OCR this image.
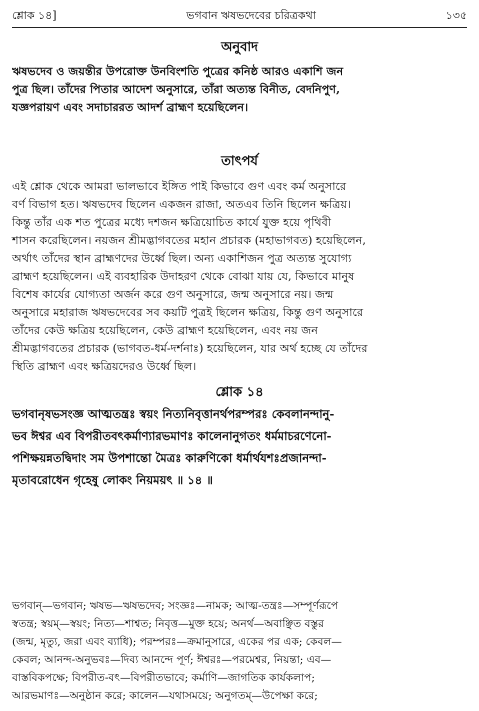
শ্লোক ১৪]	ভগবান ঋষভদেবের চরিত্রকথা	১৩৫
অনুবাদ
ঋষভদেব ও জয়ন্তীর উপরোক্ত উনবিংশতি পুত্রের কনিষ্ঠ আরও একাশি জন
পুত্র ছিল। তাঁদের পিতার আদেশ অনুসারে, তাঁরা অত্যন্ত বিনীত, বেদনিপুণ,
যজ্ঞপরায়ণ এবং সদাচাররত আদর্শ ব্রাহ্মণ হয়েছিলেন।
তাৎপর্য
এই শ্লোক থেকে আমরা ভালভাবে ইঙ্গিত পাই কিভাবে গুণ এবং কর্ম অনুসারে
বর্ণ বিভাগ হত। ঋষভদেব ছিলেন একজন রাজা, অতএব তিনি ছিলেন ক্ষত্রিয়।
কিন্তু তাঁর এক শত পুত্রের মধ্যে দশজন ক্ষত্রিয়োচিত কার্যে যুক্ত হয়ে পৃথিবী
শাসন করেছিলেন। নয়জন শ্রীমদ্ভাগবতের মহান প্রচারক (মহাভাগবত) হয়েছিলেন,
অর্থাৎ তাঁদের স্থান ব্রাহ্মণদের উর্ধ্বে ছিল। অন্য একাশিজন পুত্র অত্যন্ত সুযোগ্য
ব্রাহ্মণ হয়েছিলেন। এই ব্যবহারিক উদাহরণ থেকে বোঝা যায় যে, কিভাবে মানুষ
বিশেষ কার্যের যোগ্যতা অর্জন করে গুণ অনুসারে, জন্ম অনুসারে নয়। জন্ম
অনুসারে মহারাজ ঋষভদেবের সব কয়টি পুত্রই ছিলেন ক্ষত্রিয়, কিন্তু গুণ অনুসারে
তাঁদের কেউ ক্ষত্রিয় হয়েছিলেন, কেউ ব্রাহ্মণ হয়েছিলেন, এবং নয় জন
শ্রীমদ্ভাগবতের প্রচারক (ভাগবত-ধর্ম-দর্শনাঃ) হয়েছিলেন, যার অর্থ হচ্ছে যে তাঁদের
স্থিতি ব্রাহ্মণ এবং ক্ষত্রিয়দেরও উর্ধ্বে ছিল।
শ্লোক ১৪
ভগবানৃষভসংজ্ঞ আত্মতন্ত্রঃ স্বয়ং নিত্যনিবৃত্তানর্থপরম্পরঃ কেবলানন্দানু-
ভব ঈশ্বর এব বিপরীতবৎকর্মাণ্যারভমাণঃ কালেনানুগতং ধর্মমাচরণেনো-
পশিক্ষয়ন্নতদ্বিদাং সম উপশান্তো মৈত্রঃ কারুণিকো ধর্মার্থযশঃপ্রজানন্দা-
মৃতাবরোধেন গৃহেষু লোকং নিয়ময়ৎ ॥ ১৪ ॥
ভগবান্—ভগবান; ঋষভ—ঋষভদেব; সংজ্ঞঃ—নামক; আত্ম-তন্ত্রঃ—সম্পূর্ণরূপে
স্বতন্ত্র; স্বয়ম্—স্বয়ং; নিত্য—শাশ্বত; নিবৃত্ত—মুক্ত হয়ে; অনর্থ—অবাঞ্ছিত বস্তুর
(জন্ম, মৃত্যু, জরা এবং ব্যাধি); পরম্পরঃ—ক্রমানুসারে, একের পর এক; কেবল—
কেবল; আনন্দ-অনুভবঃ—দিব্য আনন্দে পূর্ণ; ঈশ্বরঃ—পরমেশ্বর, নিয়ন্তা; এব—
বাস্তবিকপক্ষে; বিপরীত-বৎ—বিপরীতভাবে; কর্মাণি—জাগতিক কার্যকলাপ;
আরভমাণঃ—অনুষ্ঠান করে; কালেন—যথাসময়ে; অনুগতম্—উপেক্ষা করে;
